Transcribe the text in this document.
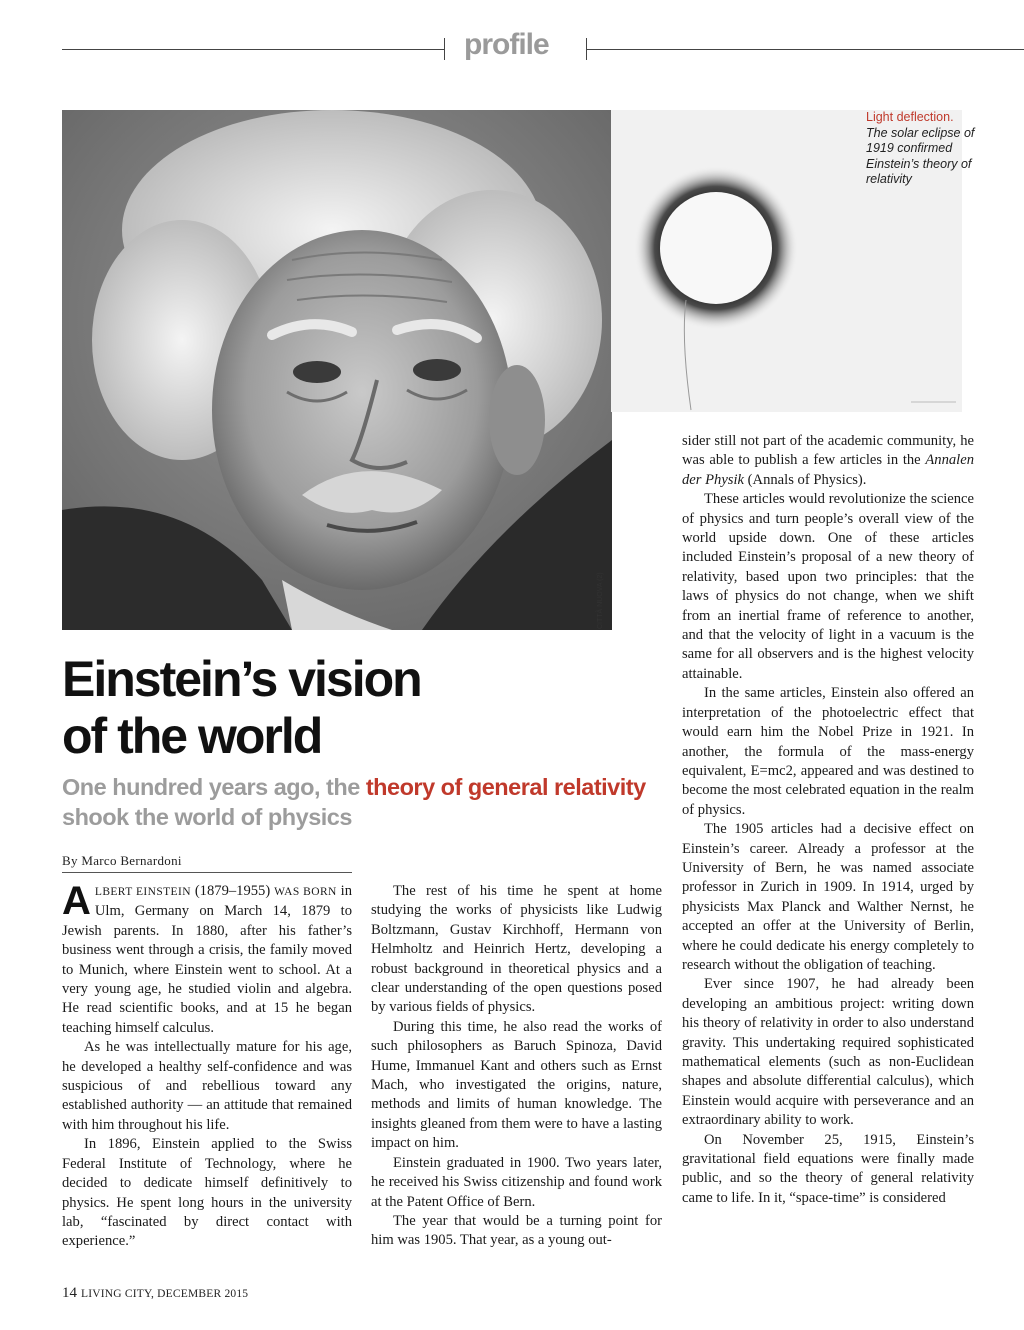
profile
CITTÀ NUOVA (2)
Light deflection.
The solar eclipse of 1919 confirmed Einstein’s theory of relativity
Einstein’s vision
of the world
One hundred years ago, the theory of general relativity shook the world of physics
By Marco Bernardoni

ALBERT EINSTEIN (1879–1955) WAS BORN in Ulm, Germany on March 14, 1879 to Jewish parents. In 1880, after his father’s business went through a crisis, the family moved to Munich, where Einstein went to school. At a very young age, he studied violin and algebra. He read scientific books, and at 15 he began teaching himself calculus.

As he was intellectually mature for his age, he developed a healthy self-confidence and was suspicious of and rebellious toward any established authority — an attitude that remained with him throughout his life.

In 1896, Einstein applied to the Swiss Federal Institute of Technology, where he decided to dedicate himself definitively to physics. He spent long hours in the university lab, “fascinated by direct contact with experience.”

The rest of his time he spent at home studying the works of physicists like Ludwig Boltzmann, Gustav Kirchhoff, Hermann von Helmholtz and Heinrich Hertz, developing a robust background in theoretical physics and a clear understanding of the open questions posed by various fields of physics.

During this time, he also read the works of such philosophers as Baruch Spinoza, David Hume, Immanuel Kant and others such as Ernst Mach, who investigated the origins, nature, methods and limits of human knowledge. The insights gleaned from them were to have a lasting impact on him.

Einstein graduated in 1900. Two years later, he received his Swiss citizenship and found work at the Patent Office of Bern.

The year that would be a turning point for him was 1905. That year, as a young out-

sider still not part of the academic community, he was able to publish a few articles in the Annalen der Physik (Annals of Physics).

These articles would revolutionize the science of physics and turn people’s overall view of the world upside down. One of these articles included Einstein’s proposal of a new theory of relativity, based upon two principles: that the laws of physics do not change, when we shift from an inertial frame of reference to another, and that the velocity of light in a vacuum is the same for all observers and is the highest velocity attainable.

In the same articles, Einstein also offered an interpretation of the photoelectric effect that would earn him the Nobel Prize in 1921. In another, the formula of the mass-energy equivalent, E=mc2, appeared and was destined to become the most celebrated equation in the realm of physics.

The 1905 articles had a decisive effect on Einstein’s career. Already a professor at the University of Bern, he was named associate professor in Zurich in 1909. In 1914, urged by physicists Max Planck and Walther Nernst, he accepted an offer at the University of Berlin, where he could dedicate his energy completely to research without the obligation of teaching.

Ever since 1907, he had already been developing an ambitious project: writing down his theory of relativity in order to also understand gravity. This undertaking required sophisticated mathematical elements (such as non-Euclidean shapes and absolute differential calculus), which Einstein would acquire with perseverance and an extraordinary ability to work.

On November 25, 1915, Einstein’s gravitational field equations were finally made public, and so the theory of general relativity came to life. In it, “space-time” is considered

14 LIVING CITY, DECEMBER 2015
